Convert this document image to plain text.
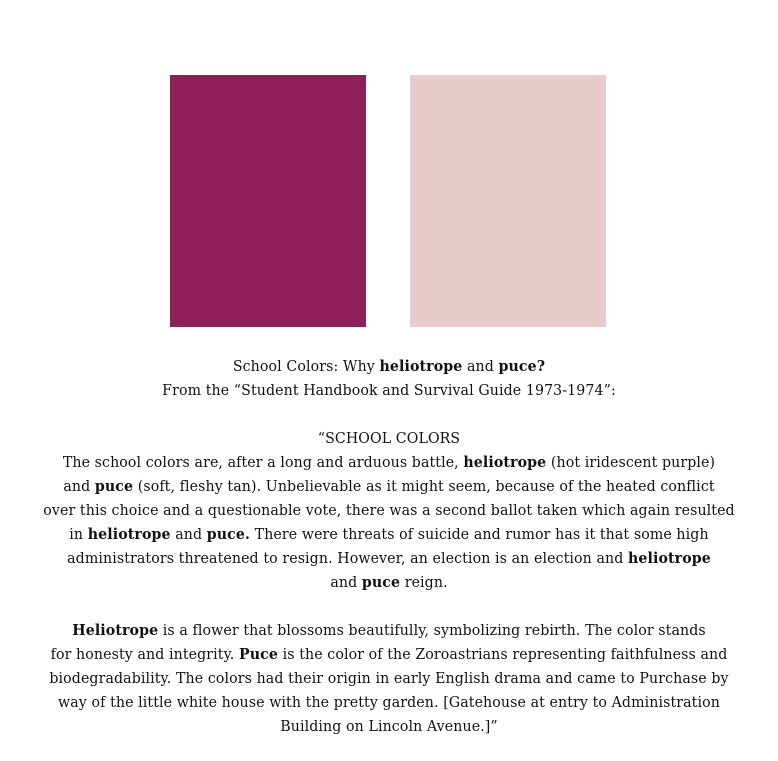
School Colors: Why heliotrope and puce?
From the “Student Handbook and Survival Guide 1973-1974”:
“SCHOOL COLORS
The school colors are, after a long and arduous battle, heliotrope (hot iridescent purple)
and puce (soft, fleshy tan). Unbelievable as it might seem, because of the heated conflict
over this choice and a questionable vote, there was a second ballot taken which again resulted
in heliotrope and puce. There were threats of suicide and rumor has it that some high
administrators threatened to resign. However, an election is an election and heliotrope
and puce reign.
Heliotrope is a flower that blossoms beautifully, symbolizing rebirth. The color stands
for honesty and integrity. Puce is the color of the Zoroastrians representing faithfulness and
biodegradability. The colors had their origin in early English drama and came to Purchase by
way of the little white house with the pretty garden. [Gatehouse at entry to Administration
Building on Lincoln Avenue.]”
